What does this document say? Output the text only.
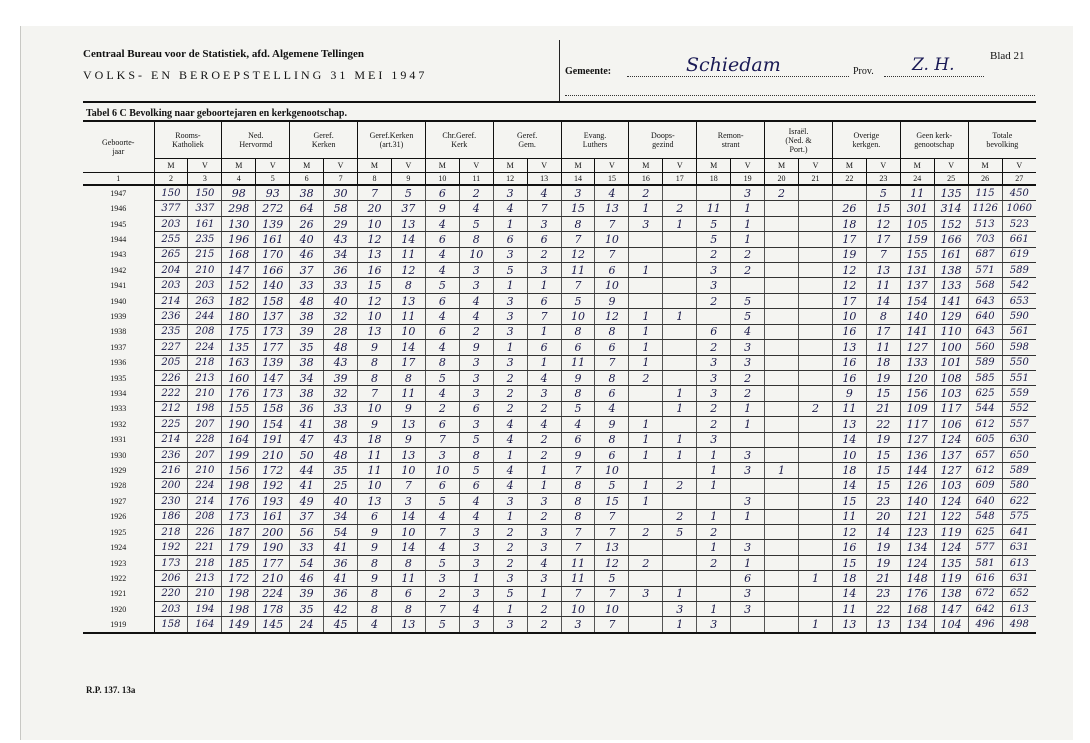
Centraal Bureau voor de Statistiek, afd. Algemene Tellingen
VOLKS- EN BEROEPSTELLING 31 MEI 1947	Gemeente:	Schiedam	Prov. Z. H.	Blad 21
Tabel 6 C Bevolking naar geboortejaren en kerkgenootschap.
Geboorte-
jaar	Rooms-
Katholiek		Ned.
Hervormd		Geref.
Kerken		Geref.Kerken
(art.31)		Chr.Geref.
Kerk		Geref.
Gem.		Evang.
Luthers		Doops-
gezind		Remon-
strant		Israël.
(Ned. &
Port.)		Overige
kerkgen.		Geen kerk-
genootschap		Totale
bevolking	
	M	V	M	V	M	V	M	V	M	V	M	V	M	V	M	V	M	V	M	V	M	V	M	V	M	V
1	2	3	4	5	6	7	8	9	10	11	12	13	14	15	16	17	18	19	20	21	22	23	24	25	26	27
1947	150	150	98	93	38	30	7	5	6	2	3	4	3	4	2			3	2			5	11	135	115	450
1946	377	337	298	272	64	58	20	37	9	4	4	7	15	13	1	2	11	1			26	15	301	314	1126	1060
1945	203	161	130	139	26	29	10	13	4	5	1	3	8	7	3	1	5	1			18	12	105	152	513	523
1944	255	235	196	161	40	43	12	14	6	8	6	6	7	10			5	1			17	17	159	166	703	661
1943	265	215	168	170	46	34	13	11	4	10	3	2	12	7			2	2			19	7	155	161	687	619
1942	204	210	147	166	37	36	16	12	4	3	5	3	11	6	1		3	2			12	13	131	138	571	589
1941	203	203	152	140	33	33	15	8	5	3	1	1	7	10			3				12	11	137	133	568	542
1940	214	263	182	158	48	40	12	13	6	4	3	6	5	9			2	5			17	14	154	141	643	653
1939	236	244	180	137	38	32	10	11	4	4	3	7	10	12	1	1		5			10	8	140	129	640	590
1938	235	208	175	173	39	28	13	10	6	2	3	1	8	8	1		6	4			16	17	141	110	643	561
1937	227	224	135	177	35	48	9	14	4	9	1	6	6	6	1		2	3			13	11	127	100	560	598
1936	205	218	163	139	38	43	8	17	8	3	3	1	11	7	1		3	3			16	18	133	101	589	550
1935	226	213	160	147	34	39	8	8	5	3	2	4	9	8	2		3	2			16	19	120	108	585	551
1934	222	210	176	173	38	32	7	11	4	3	2	3	8	6		1	3	2			9	15	156	103	625	559
1933	212	198	155	158	36	33	10	9	2	6	2	2	5	4		1	2	1		2	11	21	109	117	544	552
1932	225	207	190	154	41	38	9	13	6	3	4	4	4	9	1		2	1			13	22	117	106	612	557
1931	214	228	164	191	47	43	18	9	7	5	4	2	6	8	1	1	3				14	19	127	124	605	630
1930	236	207	199	210	50	48	11	13	3	8	1	2	9	6	1	1	1	3			10	15	136	137	657	650
1929	216	210	156	172	44	35	11	10	10	5	4	1	7	10			1	3	1		18	15	144	127	612	589
1928	200	224	198	192	41	25	10	7	6	6	4	1	8	5	1	2	1				14	15	126	103	609	580
1927	230	214	176	193	49	40	13	3	5	4	3	3	8	15	1			3			15	23	140	124	640	622
1926	186	208	173	161	37	34	6	14	4	4	1	2	8	7		2	1	1			11	20	121	122	548	575
1925	218	226	187	200	56	54	9	10	7	3	2	3	7	7	2	5	2				12	14	123	119	625	641
1924	192	221	179	190	33	41	9	14	4	3	2	3	7	13			1	3			16	19	134	124	577	631
1923	173	218	185	177	54	36	8	8	5	3	2	4	11	12	2		2	1			15	19	124	135	581	613
1922	206	213	172	210	46	41	9	11	3	1	3	3	11	5				6		1	18	21	148	119	616	631
1921	220	210	198	224	39	36	8	6	2	3	5	1	7	7	3	1		3			14	23	176	138	672	652
1920	203	194	198	178	35	42	8	8	7	4	1	2	10	10		3	1	3			11	22	168	147	642	613
1919	158	164	149	145	24	45	4	13	5	3	3	2	3	7		1	3			1	13	13	134	104	496	498
R.P. 137. 13a
